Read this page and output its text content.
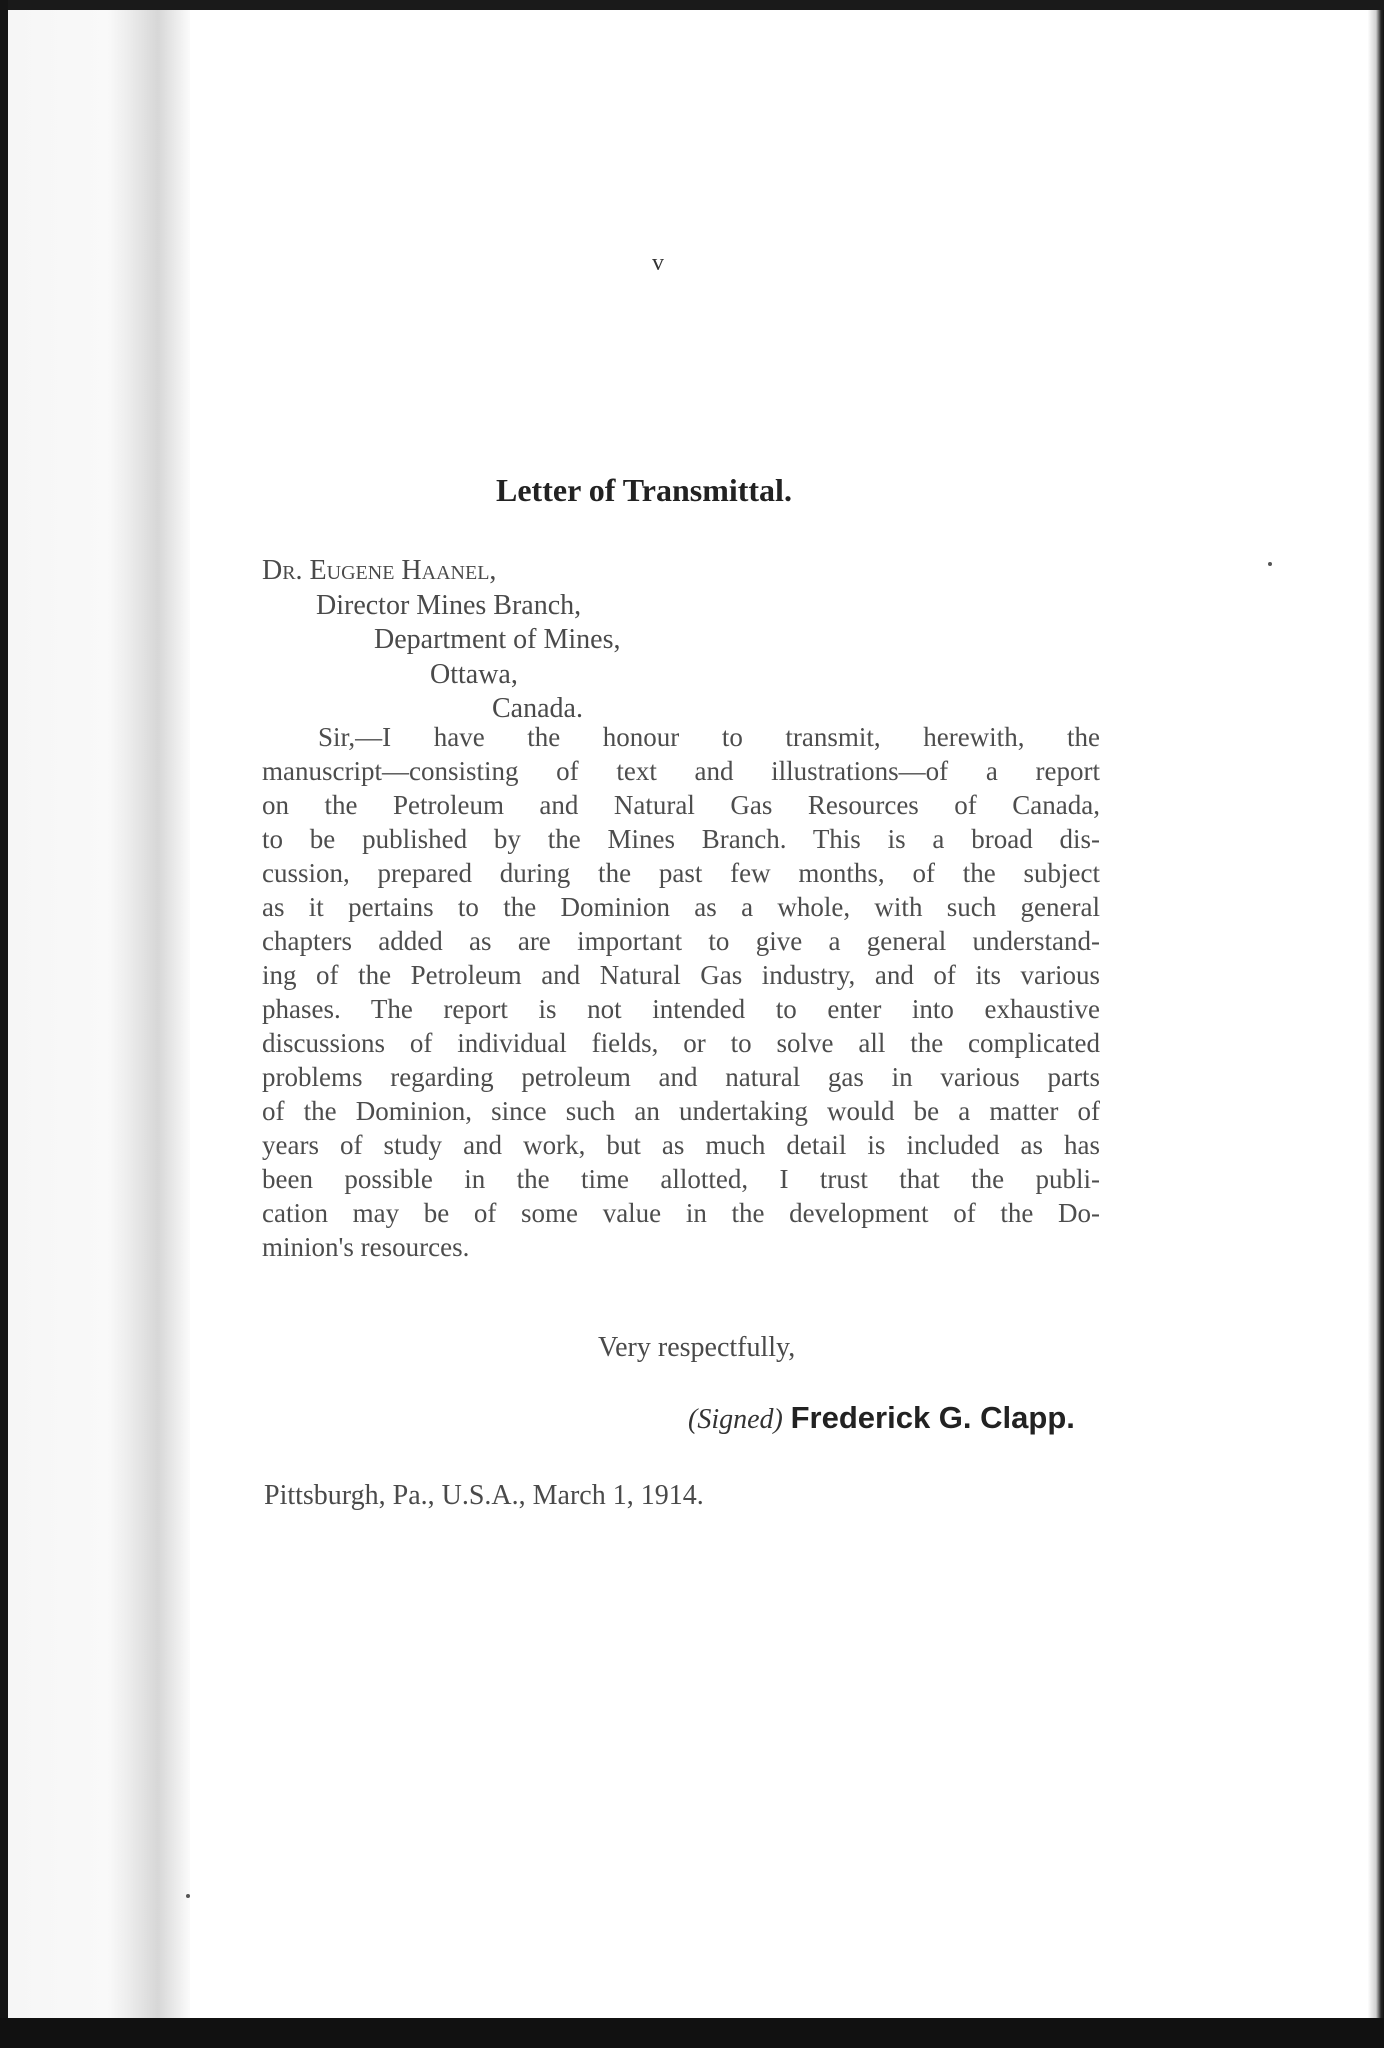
v
Letter of Transmittal.
Dr. Eugene Haanel,
Director Mines Branch,
Department of Mines,
Ottawa,
Canada.
Sir,—I have the honour to transmit, herewith, the
manuscript—consisting of text and illustrations—of a report
on the Petroleum and Natural Gas Resources of Canada,
to be published by the Mines Branch. This is a broad dis-
cussion, prepared during the past few months, of the subject
as it pertains to the Dominion as a whole, with such general
chapters added as are important to give a general understand-
ing of the Petroleum and Natural Gas industry, and of its various
phases. The report is not intended to enter into exhaustive
discussions of individual fields, or to solve all the complicated
problems regarding petroleum and natural gas in various parts
of the Dominion, since such an undertaking would be a matter of
years of study and work, but as much detail is included as has
been possible in the time allotted, I trust that the publi-
cation may be of some value in the development of the Do-
minion's resources.
Very respectfully,
(Signed) Frederick G. Clapp.
Pittsburgh, Pa., U.S.A., March 1, 1914.
